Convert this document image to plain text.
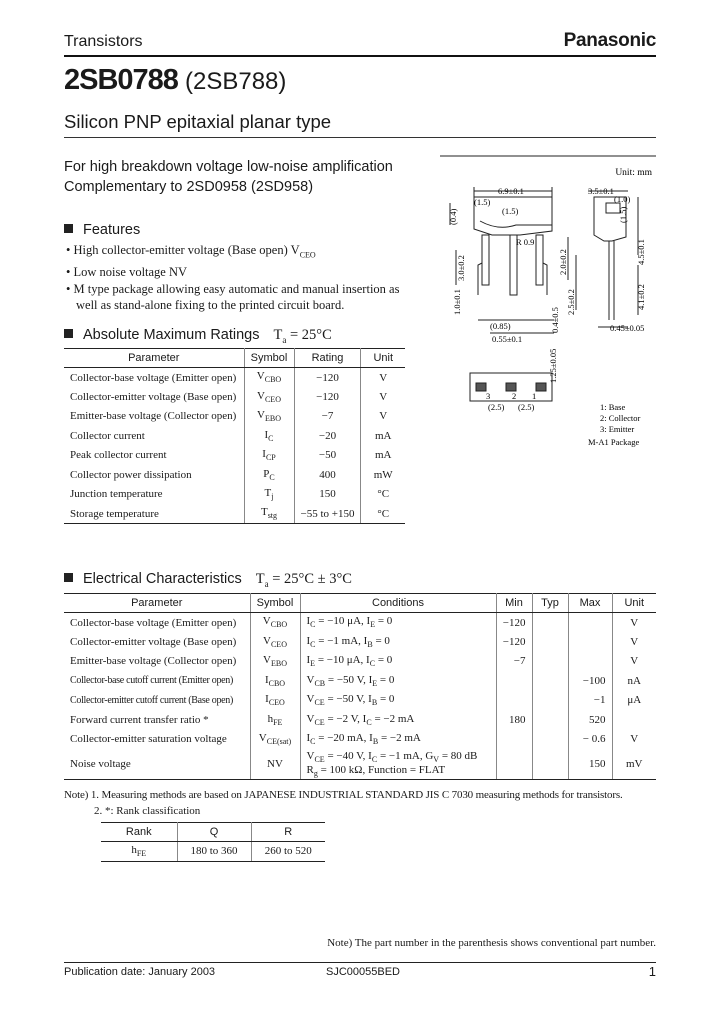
Transistors	Panasonic
2SB0788 (2SB788)
Silicon PNP epitaxial planar type
For high breakdown voltage low-noise amplification
Complementary to 2SD0958 (2SD958)
Features
• High collector-emitter voltage (Base open) $V_{CEO}$
• Low noise voltage NV
• M type package allowing easy automatic and manual insertion as well as stand-alone fixing to the printed circuit board.
Unit: mm
6.9±0.1	3.5±0.1
(1.5)
(1.5)
(1.0)
R 0.9
(0.85)
0.55±0.1
0.45±0.05
(0.4)
3.0±0.2
1.0±0.1
2.0±0.2
2.5±0.2
0.4±0.5
4.5±0.1
4.1±0.2
(1.5)
1.25±0.05
3	2 1
(2.5) (2.5)	1: Base
2: Collector
3: Emitter
M-A1 Package
Absolute Maximum Ratings $T_a = 25^\circ C$
Parameter	Symbol	Rating	Unit
Collector-base voltage (Emitter open)	$V_{CBO}$	−120	V
Collector-emitter voltage (Base open)	$V_{CEO}$	−120	V
Emitter-base voltage (Collector open)	$V_{EBO}$	−7	V
Collector current	$I_C$	−20	mA
Peak collector current	$I_{CP}$	−50	mA
Collector power dissipation	$P_C$	400	mW
Junction temperature	$T_j$	150	°C
Storage temperature	$T_{stg}$	−55 to +150	°C
Electrical Characteristics $T_a = 25^\circ C \pm 3^\circ C$
Parameter	Symbol	Conditions	Min	Typ	Max	Unit
Collector-base voltage (Emitter open)	$V_{CBO}$	$I_C = -10$ μA, $I_E = 0$	−120			V
Collector-emitter voltage (Base open)	$V_{CEO}$	$I_C = -1$ mA, $I_B = 0$	−120			V
Emitter-base voltage (Collector open)	$V_{EBO}$	$I_E = -10$ μA, $I_C = 0$	−7			V
Collector-base cutoff current (Emitter open)	$I_{CBO}$	$V_{CB} = -50$ V, $I_E = 0$			−100	nA
Collector-emitter cutoff current (Base open)	$I_{CEO}$	$V_{CE} = -50$ V, $I_B = 0$			−1	μA
Forward current transfer ratio *	$h_{FE}$	$V_{CE} = -2$ V, $I_C = -2$ mA	180		520	
Collector-emitter saturation voltage	$V_{CE(sat)}$	$I_C = -20$ mA, $I_B = -2$ mA			− 0.6	V
Noise voltage	NV	$V_{CE} = -40$ V, $I_C = -1$ mA, $G_V = 80$ dB
$R_g = 100$ kΩ, Function = FLAT			150	mV
Note) 1. Measuring methods are based on JAPANESE INDUSTRIAL STANDARD JIS C 7030 measuring methods for transistors.
2. *: Rank classification
Rank	Q	R
$h_{FE}$	180 to 360	260 to 520
Note) The part number in the parenthesis shows conventional part number.
Publication date: January 2003	SJC00055BED	1
